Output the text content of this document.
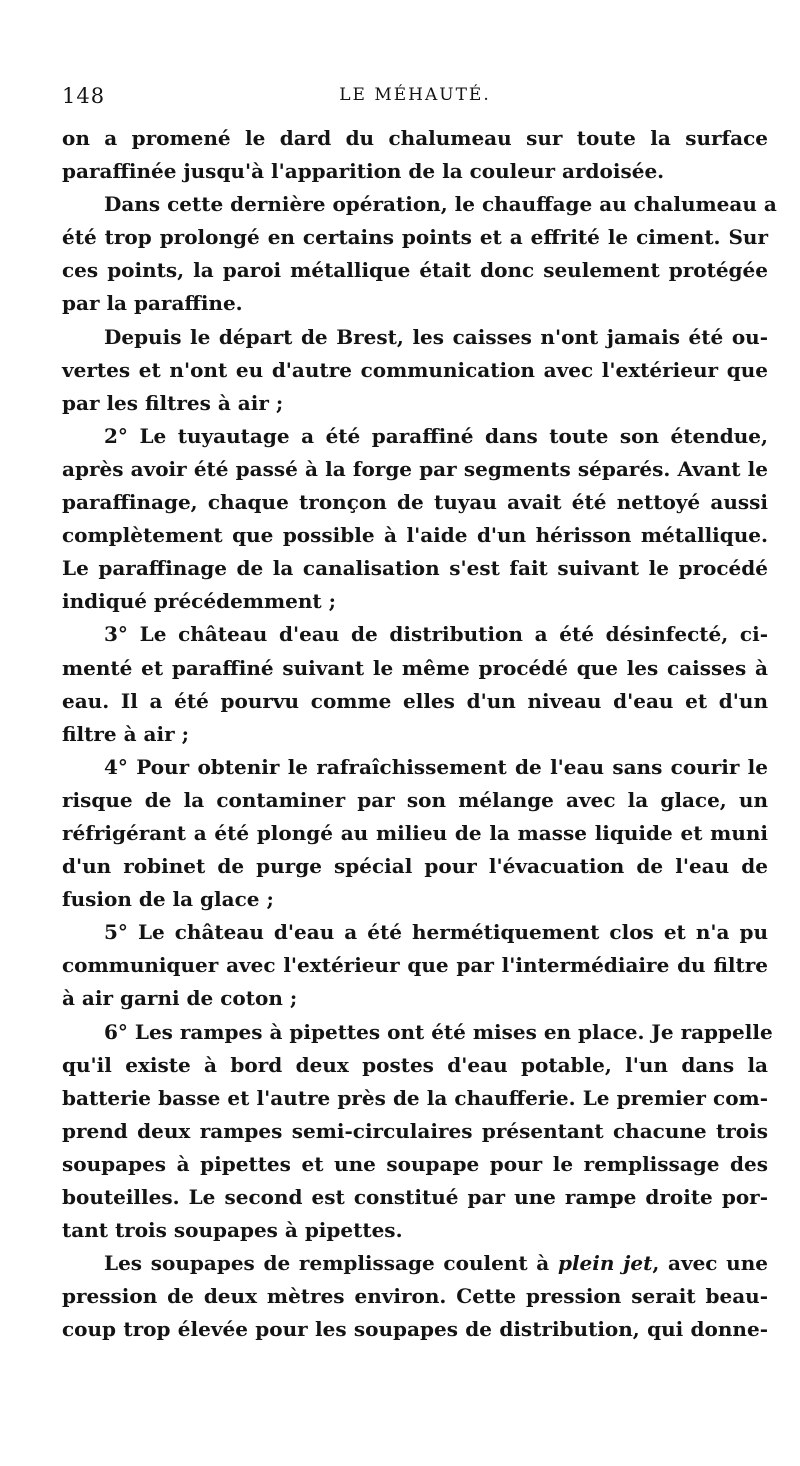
148	LE MÉHAUTÉ.
on a promené le dard du chalumeau sur toute la surface
paraffinée jusqu'à l'apparition de la couleur ardoisée.
Dans cette dernière opération, le chauffage au chalumeau a
été trop prolongé en certains points et a effrité le ciment. Sur
ces points, la paroi métallique était donc seulement protégée
par la paraffine.
Depuis le départ de Brest, les caisses n'ont jamais été ou-
vertes et n'ont eu d'autre communication avec l'extérieur que
par les filtres à air ;
2° Le tuyautage a été paraffiné dans toute son étendue,
après avoir été passé à la forge par segments séparés. Avant le
paraffinage, chaque tronçon de tuyau avait été nettoyé aussi
complètement que possible à l'aide d'un hérisson métallique.
Le paraffinage de la canalisation s'est fait suivant le procédé
indiqué précédemment ;
3° Le château d'eau de distribution a été désinfecté, ci-
menté et paraffiné suivant le même procédé que les caisses à
eau. Il a été pourvu comme elles d'un niveau d'eau et d'un
filtre à air ;
4° Pour obtenir le rafraîchissement de l'eau sans courir le
risque de la contaminer par son mélange avec la glace, un
réfrigérant a été plongé au milieu de la masse liquide et muni
d'un robinet de purge spécial pour l'évacuation de l'eau de
fusion de la glace ;
5° Le château d'eau a été hermétiquement clos et n'a pu
communiquer avec l'extérieur que par l'intermédiaire du filtre
à air garni de coton ;
6° Les rampes à pipettes ont été mises en place. Je rappelle
qu'il existe à bord deux postes d'eau potable, l'un dans la
batterie basse et l'autre près de la chaufferie. Le premier com-
prend deux rampes semi-circulaires présentant chacune trois
soupapes à pipettes et une soupape pour le remplissage des
bouteilles. Le second est constitué par une rampe droite por-
tant trois soupapes à pipettes.
Les soupapes de remplissage coulent à plein jet, avec une
pression de deux mètres environ. Cette pression serait beau-
coup trop élevée pour les soupapes de distribution, qui donne-
